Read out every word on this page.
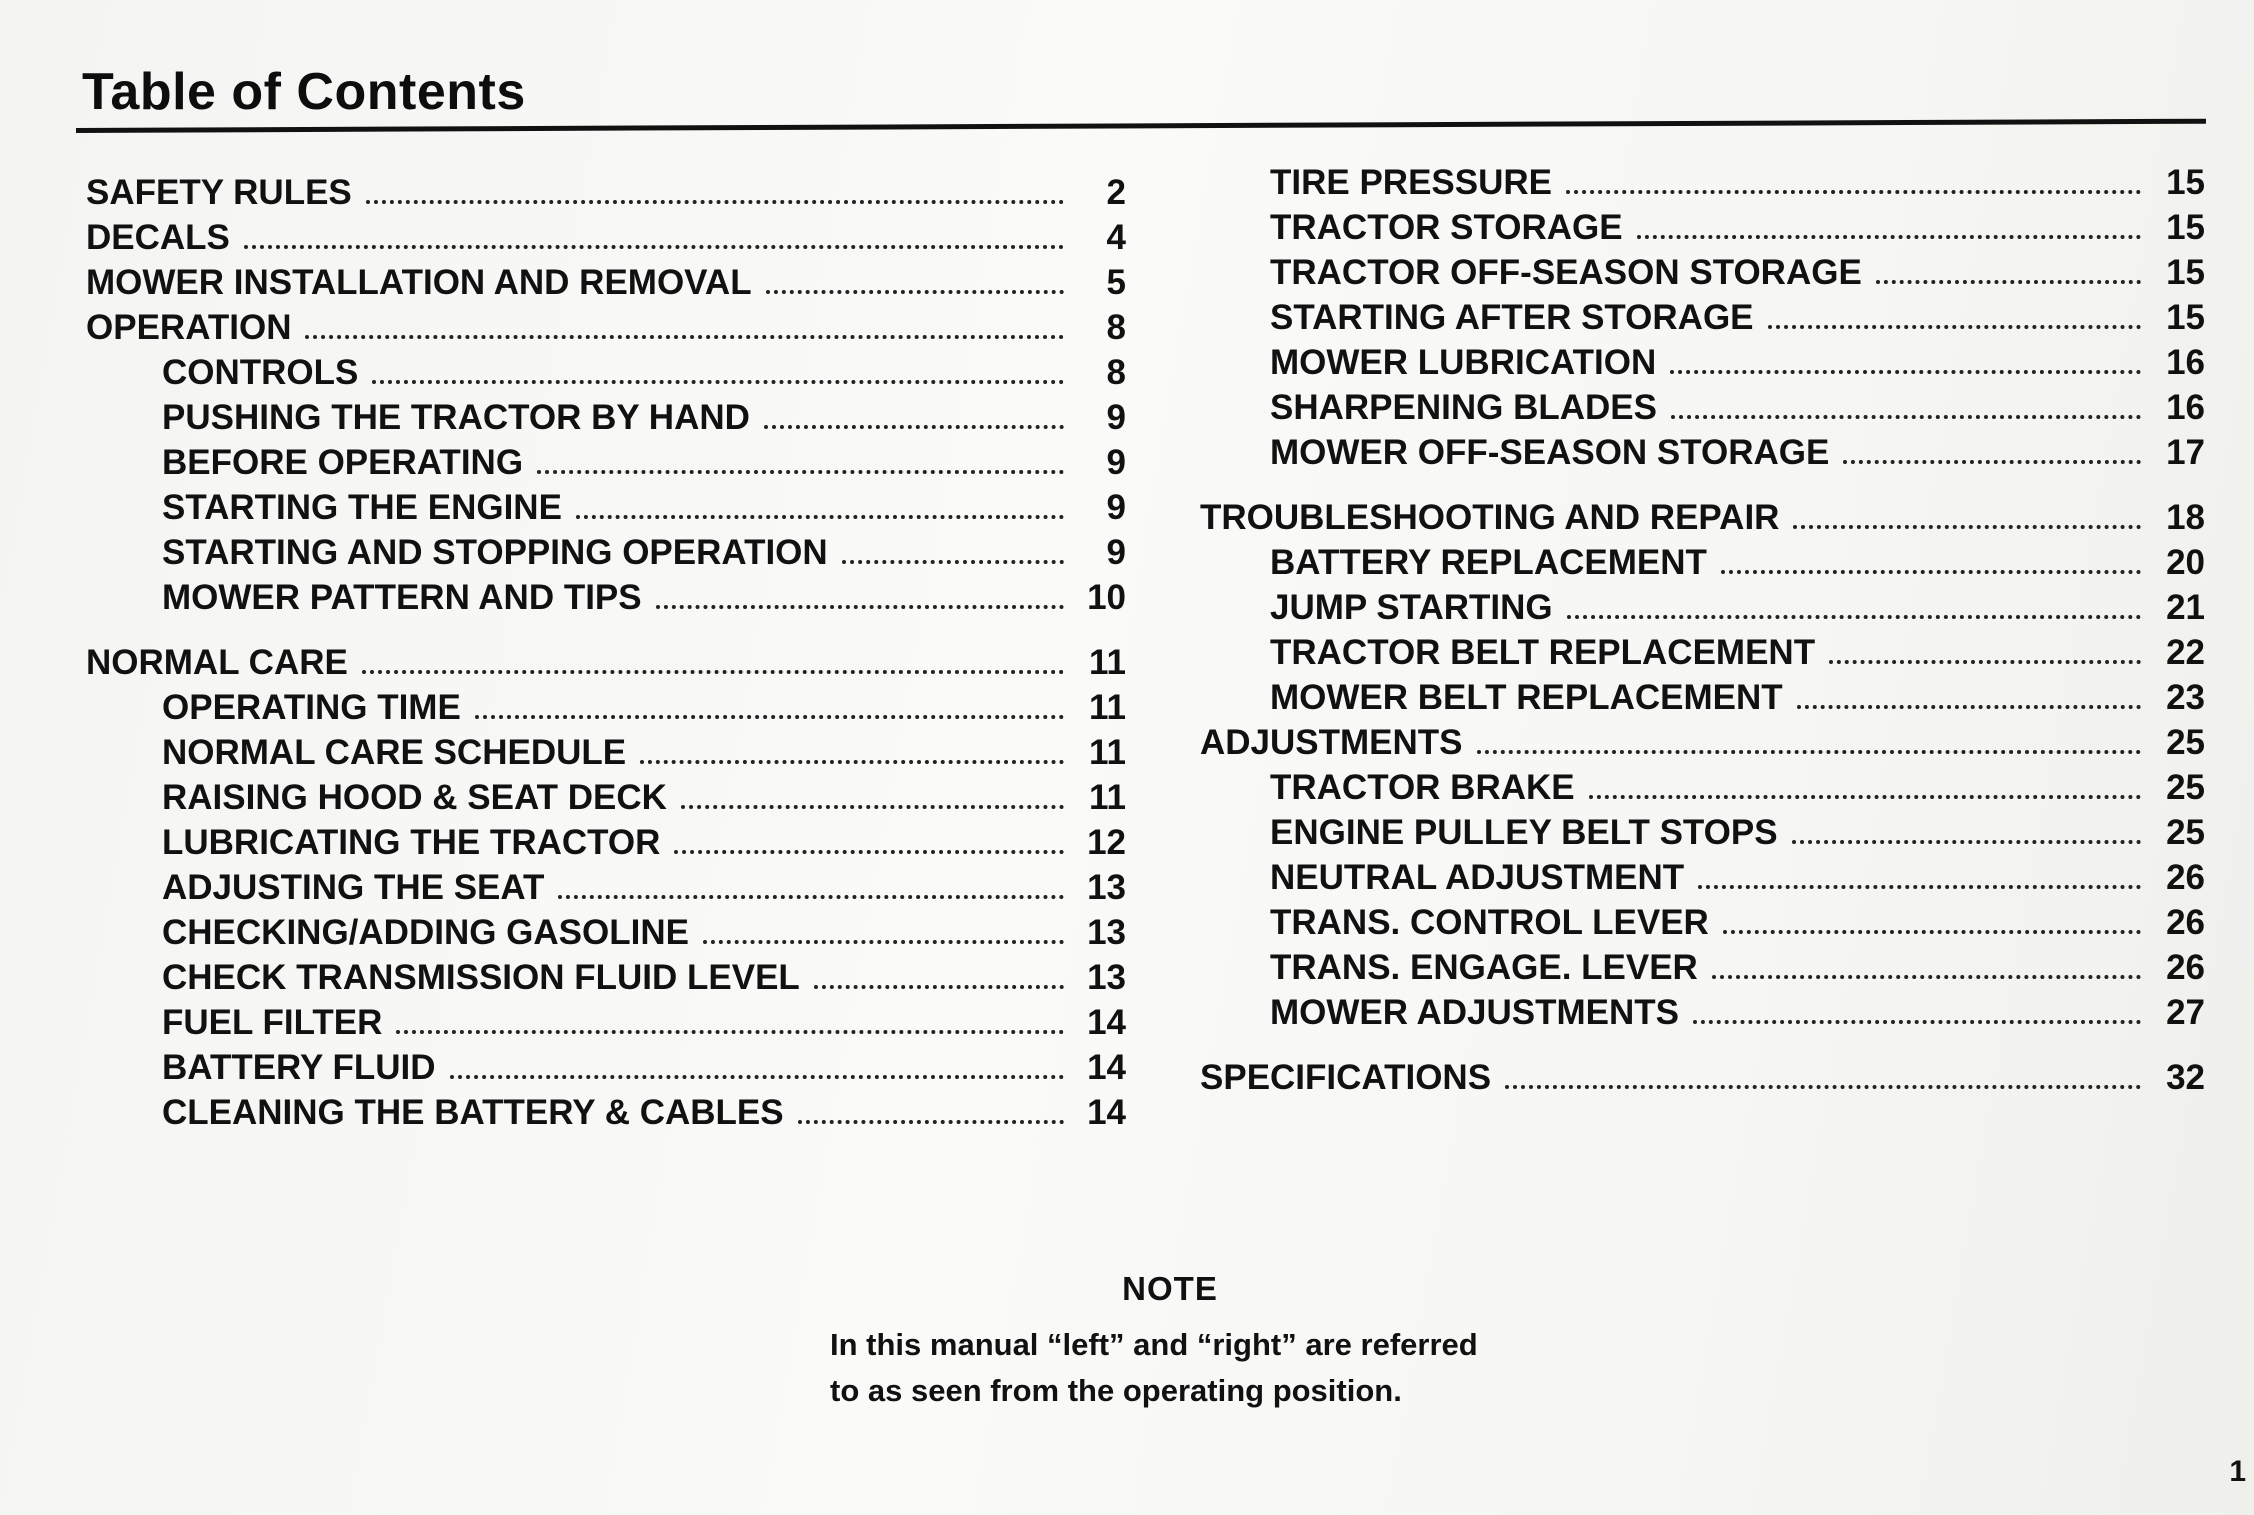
Table of Contents
SAFETY RULES	2
DECALS	4
MOWER INSTALLATION AND REMOVAL	5
OPERATION	8
CONTROLS	8
PUSHING THE TRACTOR BY HAND	9
BEFORE OPERATING	9
STARTING THE ENGINE	9
STARTING AND STOPPING OPERATION	9
MOWER PATTERN AND TIPS	10
NORMAL CARE	11
OPERATING TIME	11
NORMAL CARE SCHEDULE	11
RAISING HOOD & SEAT DECK	11
LUBRICATING THE TRACTOR	12
ADJUSTING THE SEAT	13
CHECKING/ADDING GASOLINE	13
CHECK TRANSMISSION FLUID LEVEL	13
FUEL FILTER	14
BATTERY FLUID	14
CLEANING THE BATTERY & CABLES	14
TIRE PRESSURE	15
TRACTOR STORAGE	15
TRACTOR OFF-SEASON STORAGE	15
STARTING AFTER STORAGE	15
MOWER LUBRICATION	16
SHARPENING BLADES	16
MOWER OFF-SEASON STORAGE	17
TROUBLESHOOTING AND REPAIR	18
BATTERY REPLACEMENT	20
JUMP STARTING	21
TRACTOR BELT REPLACEMENT	22
MOWER BELT REPLACEMENT	23
ADJUSTMENTS	25
TRACTOR BRAKE	25
ENGINE PULLEY BELT STOPS	25
NEUTRAL ADJUSTMENT	26
TRANS. CONTROL LEVER	26
TRANS. ENGAGE. LEVER	26
MOWER ADJUSTMENTS	27
SPECIFICATIONS	32
NOTE
In this manual “left” and “right” are referred to as seen from the operating position.
1
